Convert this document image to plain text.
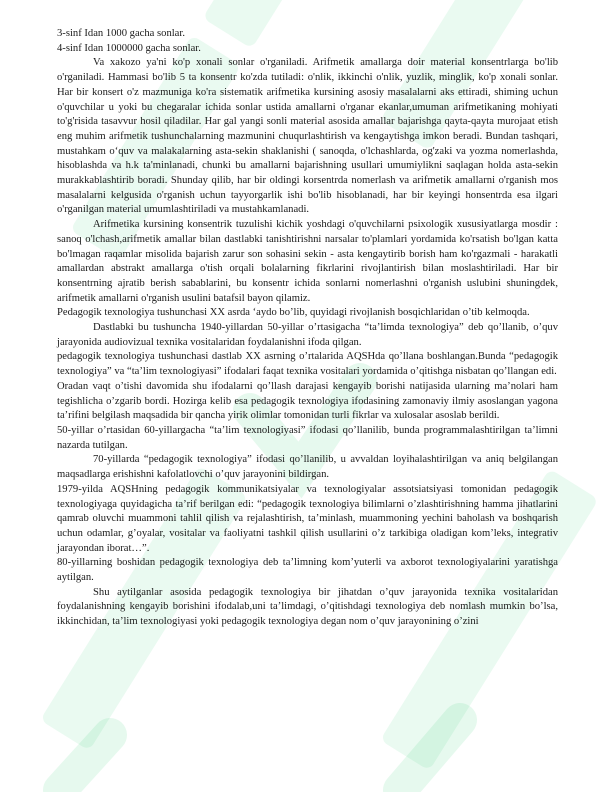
3-sinf Idan 1000 gacha sonlar.

4-sinf Idan 1000000 gacha sonlar.

Va xakozo ya'ni ko'p xonali sonlar o'rganiladi. Arifmetik amallarga doir material konsentrlarga bo'lib o'rganiladi. Hammasi bo'lib 5 ta konsentr ko'zda tutiladi: o'nlik, ikkinchi o'nlik, yuzlik, minglik, ko'p xonali sonlar. Har bir konsert o'z mazmuniga ko'ra sistematik arifmetika kursining asosiy masalalarni aks ettiradi, shiming uchun o'quvchilar u yoki bu chegaralar ichida sonlar ustida amallarni o'rganar ekanlar,umuman arifmetikaning mohiyati to'g'risida tasavvur hosil qiladilar. Har gal yangi sonli material asosida amallar bajarishga qayta-qayta murojaat etish eng muhim arifmetik tushunchalarning mazmunini chuqurlashtirish va kengaytishga imkon beradi. Bundan tashqari, mustahkam o‘quv va malakalarning asta-sekin shaklanishi ( sanoqda, o'lchashlarda, og'zaki va yozma nomerlashda, hisoblashda va h.k ta'minlanadi, chunki bu amallarni bajarishning usullari umumiylikni saqlagan holda asta-sekin murakkablashtirib boradi. Shunday qilib, har bir oldingi korsentrda nomerlash va arifmetik amallarni o'rganish mos masalalarni kelgusida o'rganish uchun tayyorgarlik ishi bo'lib hisoblanadi, har bir keyingi honsentrda esa ilgari o'rganilgan material umumlashtiriladi va mustahkamlanadi.

Arifmetika kursining konsentrik tuzulishi kichik yoshdagi o'quvchilarni psixologik xususiyatlarga mosdir : sanoq o'lchash,arifmetik amallar bilan dastlabki tanishtirishni narsalar to'plamlari yordamida ko'rsatish bo'lgan katta bo'lmagan raqamlar misolida bajarish zarur son sohasini sekin - asta kengaytirib borish ham ko'rgazmali - harakatli amallardan abstrakt amallarga o'tish orqali bolalarning fikrlarini rivojlantirish bilan moslashtiriladi. Har bir konsentrning ajratib berish sabablarini, bu konsentr ichida sonlarni nomerlashni o'rganish uslubini shuningdek, arifmetik amallarni o'rganish usulini batafsil bayon qilamiz.

Pedagogik texnologiya tushunchasi XX asrda ‘aydo bo’lib, quyidagi rivojlanish bosqichlaridan o’tib kelmoqda.

Dastlabki bu tushuncha 1940-yillardan 50-yillar o’rtasigacha “ta’limda texnologiya” deb qo’llanib, o’quv jarayonida audiovizual texnika vositalaridan foydalanishni ifoda qilgan.

pedagogik texnologiya tushunchasi dastlab XX asrning o’rtalarida AQSHda qo’llana boshlangan.Bunda “pedagogik texnologiya” va “ta’lim texnologiyasi” ifodalari faqat texnika vositalari yordamida o’qitishga nisbatan qo’llangan edi.

Oradan vaqt o’tishi davomida shu ifodalarni qo’llash darajasi kengayib borishi natijasida ularning ma’nolari ham tegishlicha o’zgarib bordi. Hozirga kelib esa pedagogik texnologiya ifodasining zamonaviy ilmiy asoslangan yagona ta’rifini belgilash maqsadida bir qancha yirik olimlar tomonidan turli fikrlar va xulosalar asoslab berildi.

50-yillar o’rtasidan 60-yillargacha “ta’lim texnologiyasi” ifodasi qo’llanilib, bunda programmalashtirilgan ta’limni nazarda tutilgan.

70-yillarda “pedagogik texnologiya” ifodasi qo’llanilib, u avvaldan loyihalashtirilgan va aniq belgilangan maqsadlarga erishishni kafolatlovchi o’quv jarayonini bildirgan.

1979-yilda AQSHning pedagogik kommunikatsiyalar va texnologiyalar assotsiatsiyasi tomonidan pedagogik texnologiyaga quyidagicha ta’rif berilgan edi: “pedagogik texnologiya bilimlarni o’zlashtirishning hamma jihatlarini qamrab oluvchi muammoni tahlil qilish va rejalashtirish, ta’minlash, muammoning yechini baholash va boshqarish uchun odamlar, g’oyalar, vositalar va faoliyatni tashkil qilish usullarini o’z tarkibiga oladigan kom’leks, integrativ jarayondan iborat…”.

80-yillarning boshidan pedagogik texnologiya deb ta’limning kom’yuterli va axborot texnologiyalarini yaratishga aytilgan.

Shu aytilganlar asosida pedagogik texnologiya bir jihatdan o’quv jarayonida texnika vositalaridan foydalanishning kengayib borishini ifodalab,uni ta’limdagi, o’qitishdagi texnologiya deb nomlash mumkin bo’lsa, ikkinchidan, ta’lim texnologiyasi yoki pedagogik texnologiya degan nom o’quv jarayonining o’zini
